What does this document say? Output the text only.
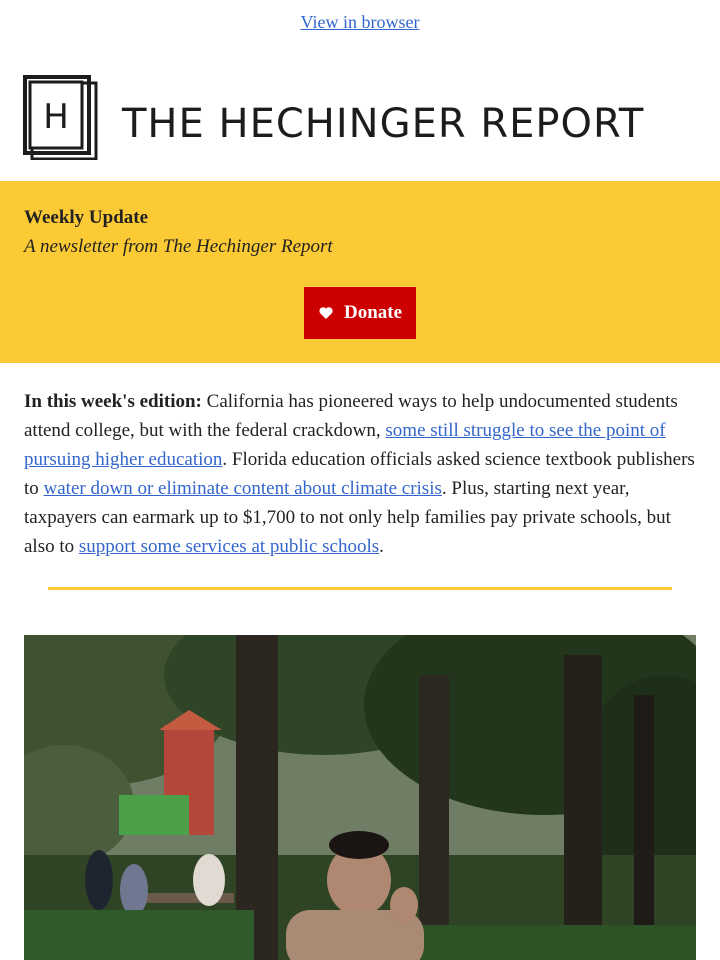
View in browser
H THE HECHINGER REPORT
Weekly Update
A newsletter from The Hechinger Report
Donate
In this week's edition: California has pioneered ways to help undocumented students attend college, but with the federal crackdown, some still struggle to see the point of pursuing higher education. Florida education officials asked science textbook publishers to water down or eliminate content about climate crisis. Plus, starting next year, taxpayers can earmark up to $1,700 to not only help families pay private schools, but also to support some services at public schools.
